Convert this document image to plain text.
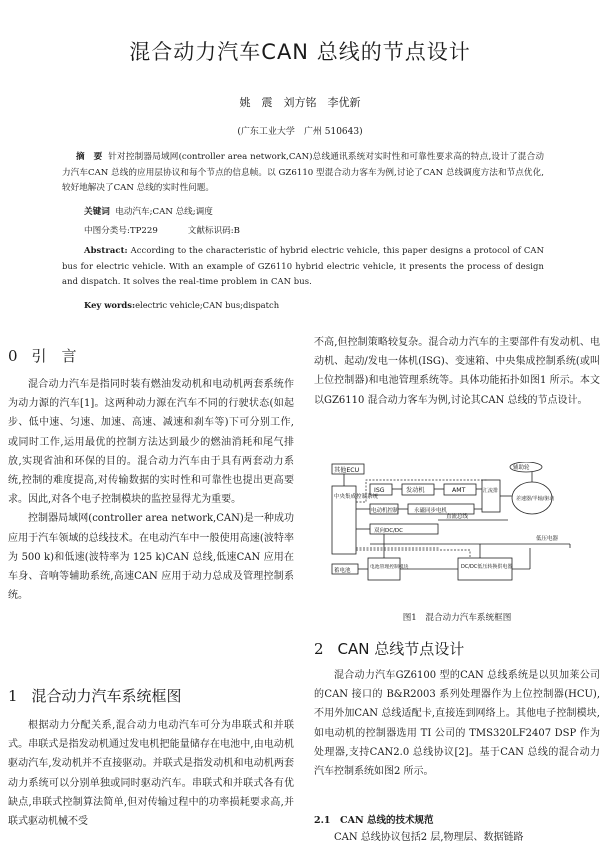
混合动力汽车CAN 总线的节点设计
姚　震　刘方铭　李优新
(广东工业大学　广州 510643)
摘　要 针对控制器局域网(controller area network,CAN)总线通讯系统对实时性和可靠性要求高的特点,设计了混合动力汽车CAN 总线的应用层协议和每个节点的信息帧。以 GZ6110 型混合动力客车为例,讨论了CAN 总线调度方法和节点优化,较好地解决了CAN 总线的实时性问题。
关键词 电动汽车;CAN 总线;调度
中图分类号:TP229	文献标识码:B
Abstract: According to the characteristic of hybrid electric vehicle, this paper designs a protocol of CAN bus for electric vehicle. With an example of GZ6110 hybrid electric vehicle, it presents the process of design and dispatch. It solves the real-time problem in CAN bus.
Key words:electric vehicle;CAN bus;dispatch
0 引　言

混合动力汽车是指同时装有燃油发动机和电动机两套系统作为动力源的汽车[1]。这两种动力源在汽车不同的行驶状态(如起步、低中速、匀速、加速、高速、减速和刹车等)下可分别工作,或同时工作,运用最优的控制方法达到最少的燃油消耗和尾气排放,实现省油和环保的目的。混合动力汽车由于具有两套动力系统,控制的难度提高,对传输数据的实时性和可靠性也提出更高要求。因此,对各个电子控制模块的监控显得尤为重要。

控制器局域网(controller area network,CAN)是一种成功应用于汽车领域的总线技术。在电动汽车中一般使用高速(波特率为 500 k)和低速(波特率为 125 k)CAN 总线,低速CAN 应用在车身、音响等辅助系统,高速CAN 应用于动力总成及管理控制系统。

1 混合动力汽车系统框图

根据动力分配关系,混合动力电动汽车可分为串联式和并联式。串联式是指发动机通过发电机把能量储存在电池中,由电动机驱动汽车,发动机并不直接驱动。并联式是指发动机和电动机两套动力系统可以分别单独或同时驱动汽车。串联式和并联式各有优缺点,串联式控制算法简单,但对传输过程中的功率损耗要求高,并联式驱动机械不受

不高,但控制策略较复杂。混合动力汽车的主要部件有发动机、电动机、起动/发电一体机(ISG)、变速箱、中央集成控制系统(或叫上位控制器)和电池管理系统等。具体功能拓扑如图1 所示。本文以GZ6110 混合动力客车为例,讨论其CAN 总线的节点设计。

其他ECU
中央集成控制系统
ISG	发动机	AMT	汇流排
差速器/半轴/驱动
辅助轮
电动机控制	永磁同步电机
双向DC/DC
直流总线
低压电器
蓄电池
电池管理控制模块	DC/DC低压转换供电器
图1　混合动力汽车系统框图
2 CAN 总线节点设计

混合动力汽车GZ6100 型的CAN 总线系统是以贝加莱公司的CAN 接口的 B&R2003 系列处理器作为上位控制器(HCU),不用外加CAN 总线适配卡,直接连到网络上。其他电子控制模块,如电动机的控制器选用 TI 公司的 TMS320LF2407 DSP 作为处理器,支持CAN2.0 总线协议[2]。基于CAN 总线的混合动力汽车控制系统如图2 所示。

2.1　CAN 总线的技术规范

CAN 总线协议包括2 层,物理层、数据链路
